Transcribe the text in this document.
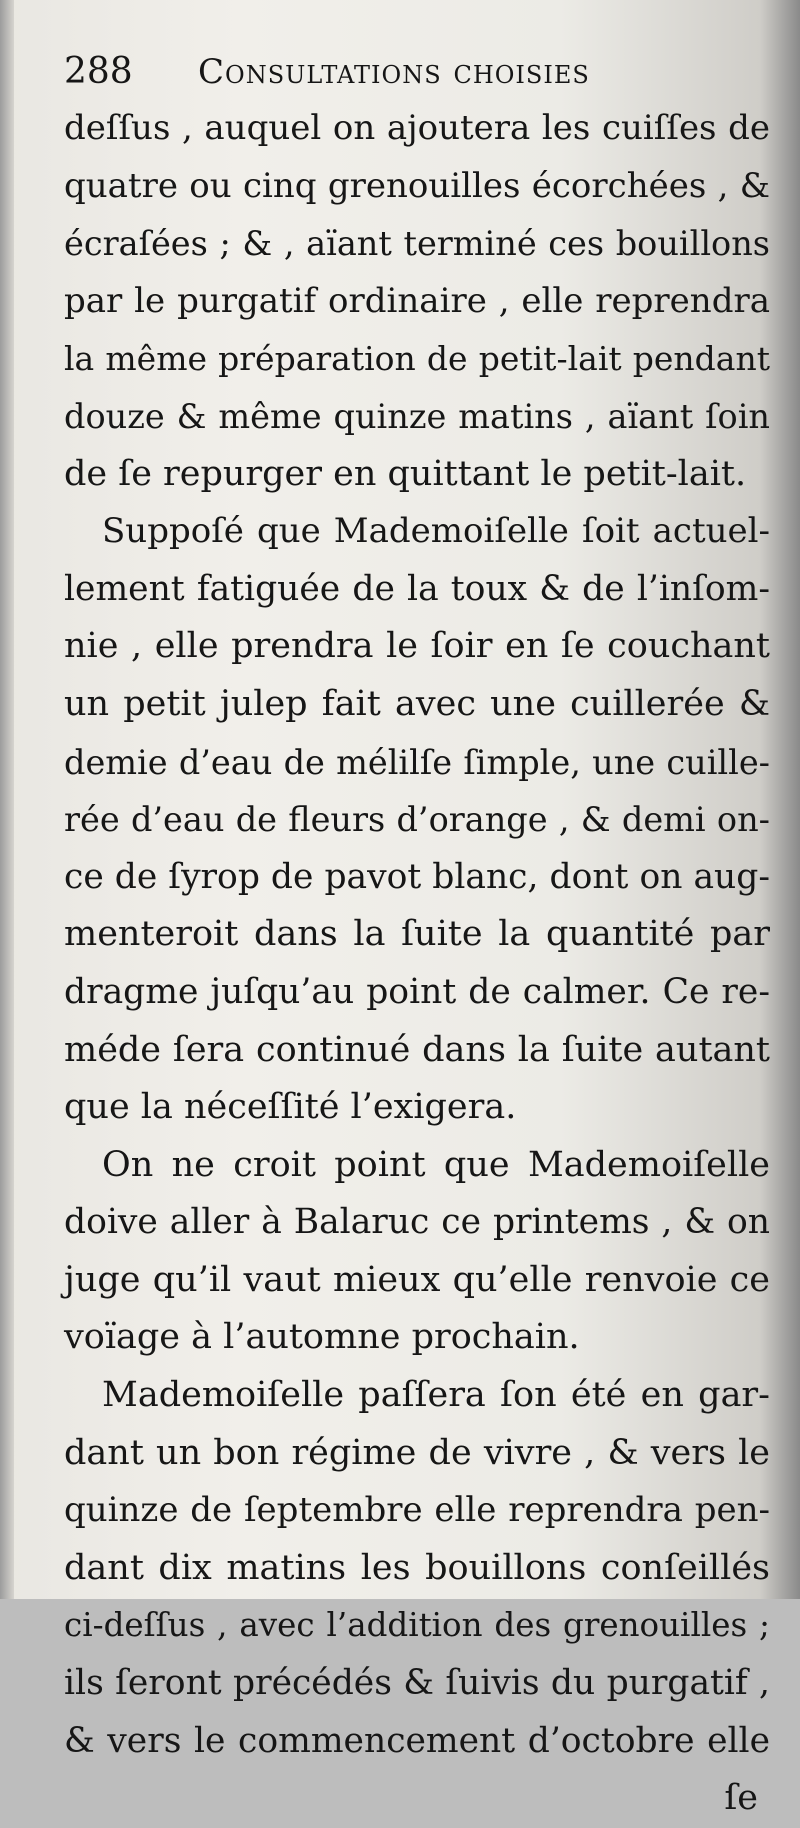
288	Consultations choisies
deſſus , auquel on ajoutera les cuiſſes de
quatre ou cinq grenouilles écorchées , &
écraſées ; & , aïant terminé ces bouillons
par le purgatif ordinaire , elle reprendra
la même préparation de petit-lait pendant
douze & même quinze matins , aïant ſoin
de ſe repurger en quittant le petit-lait.
Suppoſé que Mademoiſelle ſoit actuel-
lement fatiguée de la toux & de l’inſom-
nie , elle prendra le ſoir en ſe couchant
un petit julep fait avec une cuillerée &
demie d’eau de mélilſe ſimple, une cuille-
rée d’eau de fleurs d’orange , & demi on-
ce de ſyrop de pavot blanc, dont on aug-
menteroit dans la ſuite la quantité par
dragme juſqu’au point de calmer. Ce re-
méde ſera continué dans la ſuite autant
que la néceſſité l’exigera.
On ne croit point que Mademoiſelle
doive aller à Balaruc ce printems , & on
juge qu’il vaut mieux qu’elle renvoie ce
voïage à l’automne prochain.
Mademoiſelle paſſera ſon été en gar-
dant un bon régime de vivre , & vers le
quinze de ſeptembre elle reprendra pen-
dant dix matins les bouillons conſeillés
ci-deſſus , avec l’addition des grenouilles ;
ils ſeront précédés & ſuivis du purgatif ,
& vers le commencement d’octobre elle
ſe
